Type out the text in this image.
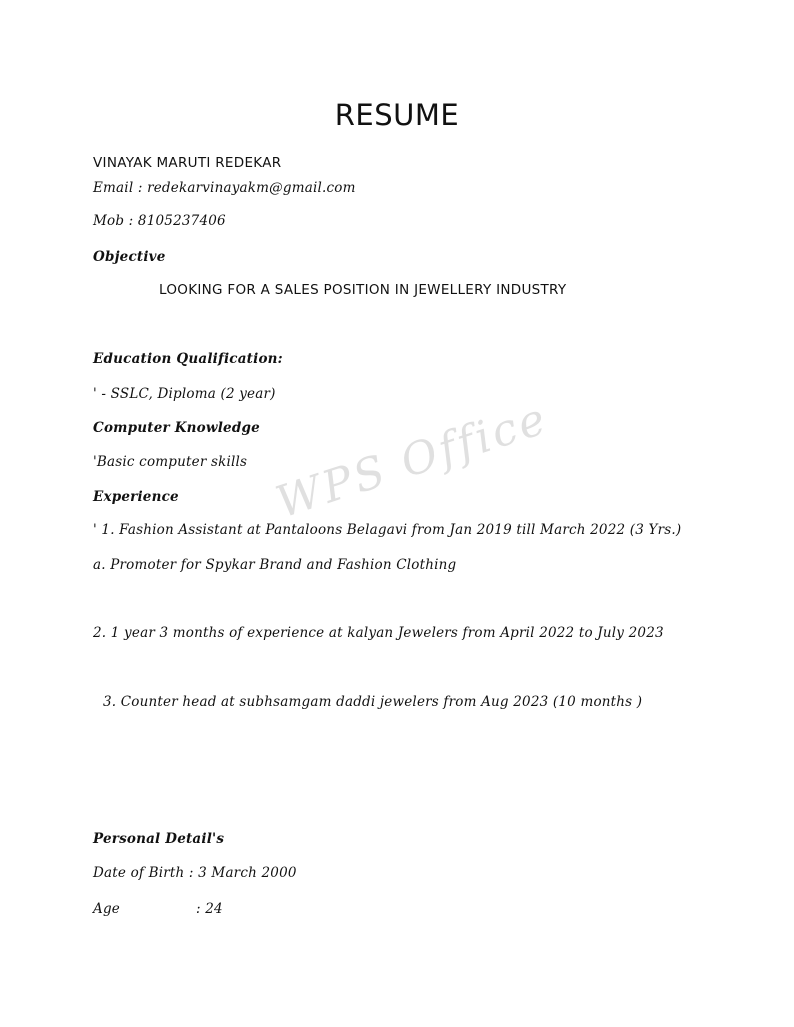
RESUME
VINAYAK MARUTI REDEKAR
Email : redekarvinayakm@gmail.com
Mob : 8105237406
Objective
LOOKING FOR A SALES POSITION IN JEWELLERY INDUSTRY
Education Qualification:
' - SSLC, Diploma (2 year)
Computer Knowledge
'Basic computer skills
Experience
' 1. Fashion Assistant at Pantaloons Belagavi from Jan 2019 till March 2022 (3 Yrs.)
a. Promoter for Spykar Brand and Fashion Clothing
2. 1 year 3 months of experience at kalyan Jewelers from April 2022 to July 2023
3. Counter head at subhsamgam daddi jewelers from Aug 2023 (10 months )
Personal Detail's
Date of Birth : 3 March 2000
Age	: 24
WPS Office
